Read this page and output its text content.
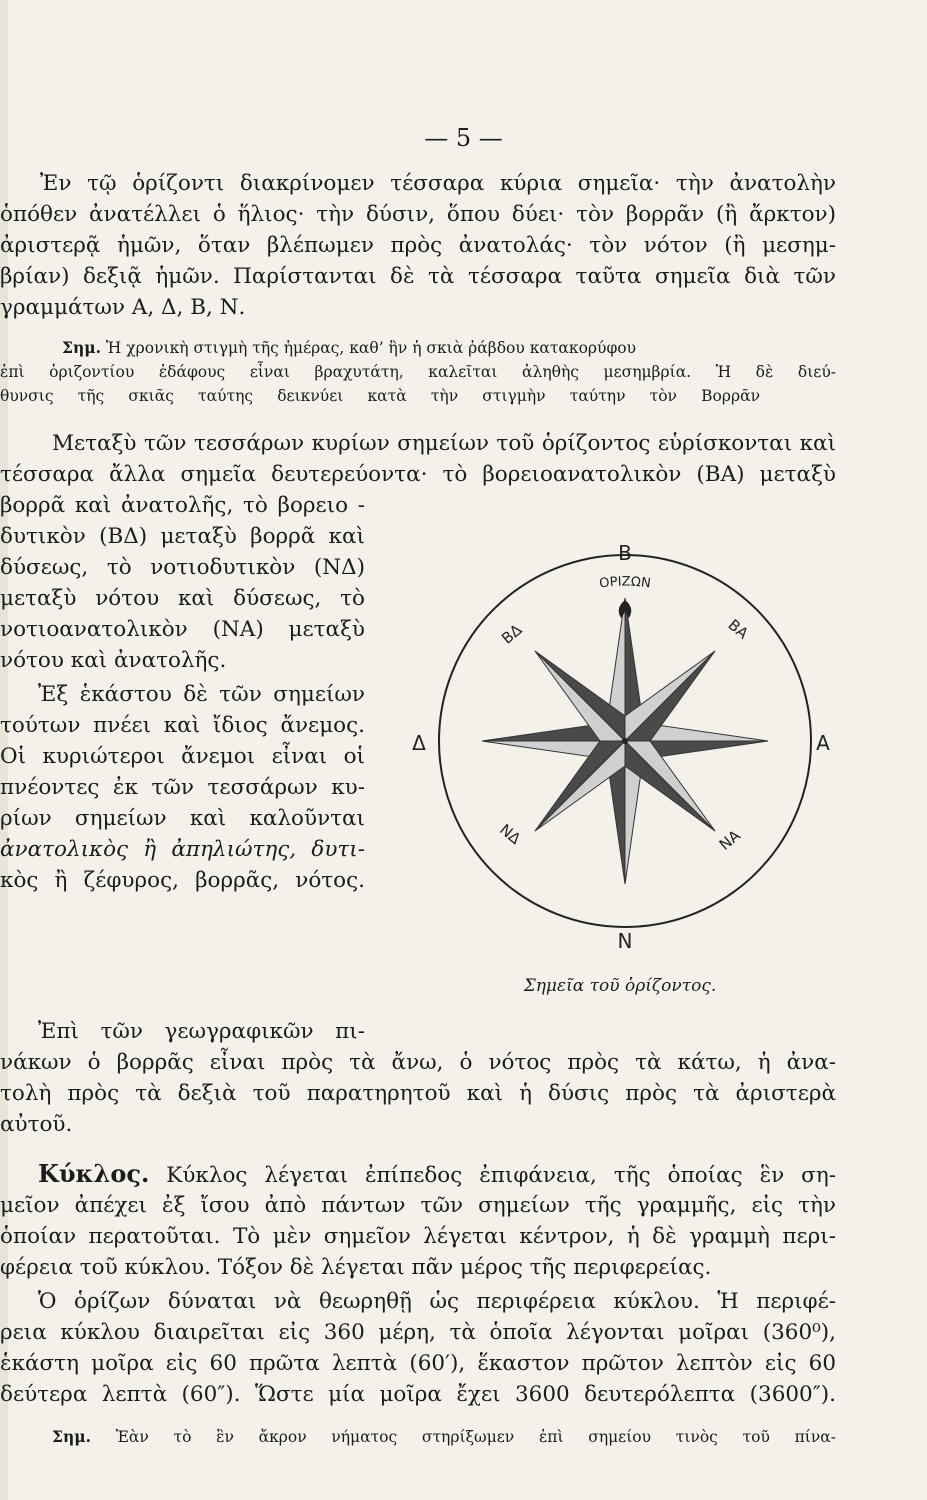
— 5 —
Ἐν τῷ ὁρίζοντι διακρίνομεν τέσσαρα κύρια σημεῖα· τὴν ἀνατολὴν
ὁπόθεν ἀνατέλλει ὁ ἥλιος· τὴν δύσιν, ὅπου δύει· τὸν βορρᾶν (ἢ ἄρκτον)
ἀριστερᾷ ἡμῶν, ὅταν βλέπωμεν πρὸς ἀνατολάς· τὸν νότον (ἢ μεσημ-
βρίαν) δεξιᾷ ἡμῶν. Παρίστανται δὲ τὰ τέσσαρα ταῦτα σημεῖα διὰ τῶν
γραμμάτων Α, Δ, Β, Ν.
Σημ. Ἡ χρονικὴ στιγμὴ τῆς ἡμέρας, καθ’ ἣν ἡ σκιὰ ῥάβδου κατακορύφου
ἐπὶ ὁριζοντίου ἐδάφους εἶναι βραχυτάτη, καλεῖται ἀληθὴς μεσημβρία. Ἡ δὲ διεύ-
θυνσις τῆς σκιᾶς ταύτης δεικνύει κατὰ τὴν στιγμὴν ταύτην τὸν Βορρᾶν
Μεταξὺ τῶν τεσσάρων κυρίων σημείων τοῦ ὁρίζοντος εὑρίσκονται καὶ
τέσσαρα ἄλλα σημεῖα δευτερεύοντα· τὸ βορειοανατολικὸν (ΒΑ) μεταξὺ
βορρᾶ καὶ ἀνατολῆς, τὸ βορειο -
δυτικὸν (ΒΔ) μεταξὺ βορρᾶ καὶ
δύσεως, τὸ νοτιοδυτικὸν (ΝΔ)
μεταξὺ νότου καὶ δύσεως, τὸ
νοτιοανατολικὸν (ΝΑ) μεταξὺ
νότου καὶ ἀνατολῆς.
Ἐξ ἑκάστου δὲ τῶν σημείων
τούτων πνέει καὶ ἴδιος ἄνεμος.
Οἱ κυριώτεροι ἄνεμοι εἶναι οἱ
πνέοντες ἐκ τῶν τεσσάρων κυ-
ρίων σημείων καὶ καλοῦνται
ἀνατολικὸς ἢ ἀπηλιώτης, δυτι-
κὸς ἢ ζέφυρος, βορρᾶς, νότος.
ΟΡΙΖΩΝ
Β
Ν
Α
Δ
ΒΑ
ΒΔ
ΝΔ	ΝΑ
Σημεῖα τοῦ ὁρίζοντος.
Ἐπὶ τῶν γεωγραφικῶν πι-
νάκων ὁ βορρᾶς εἶναι πρὸς τὰ ἄνω, ὁ νότος πρὸς τὰ κάτω, ἡ ἀνα-
τολὴ πρὸς τὰ δεξιὰ τοῦ παρατηρητοῦ καὶ ἡ δύσις πρὸς τὰ ἀριστερὰ
αὐτοῦ.
Κύκλος. Κύκλος λέγεται ἐπίπεδος ἐπιφάνεια, τῆς ὁποίας ἓν ση-
μεῖον ἀπέχει ἐξ ἴσου ἀπὸ πάντων τῶν σημείων τῆς γραμμῆς, εἰς τὴν
ὁποίαν περατοῦται. Τὸ μὲν σημεῖον λέγεται κέντρον, ἡ δὲ γραμμὴ περι-
φέρεια τοῦ κύκλου. Τόξον δὲ λέγεται πᾶν μέρος τῆς περιφερείας.
Ὁ ὁρίζων δύναται νὰ θεωρηθῇ ὡς περιφέρεια κύκλου. Ἡ περιφέ-
ρεια κύκλου διαιρεῖται εἰς 360 μέρη, τὰ ὁποῖα λέγονται μοῖραι (360⁰),
ἑκάστη μοῖρα εἰς 60 πρῶτα λεπτὰ (60′), ἕκαστον πρῶτον λεπτὸν εἰς 60
δεύτερα λεπτὰ (60″). Ὥστε μία μοῖρα ἔχει 3600 δευτερόλεπτα (3600″).
Σημ. Ἐὰν τὸ ἓν ἄκρον νήματος στηρίξωμεν ἐπὶ σημείου τινὸς τοῦ πίνα-
